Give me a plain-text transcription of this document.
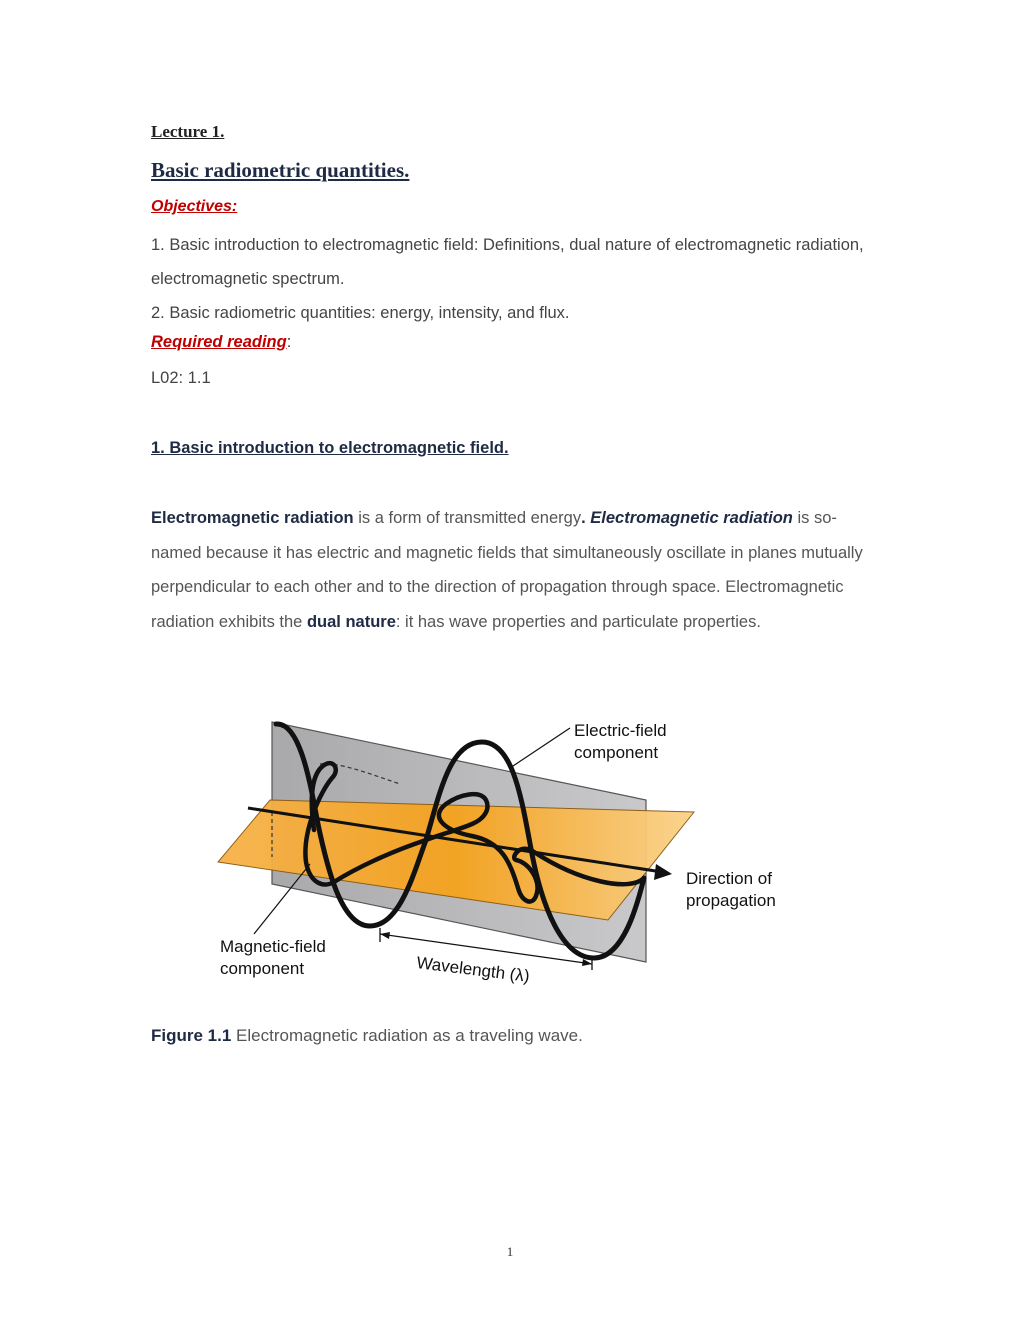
Lecture 1.
Basic radiometric quantities.
Objectives:

1. Basic introduction to electromagnetic field: Definitions, dual nature of electromagnetic radiation, electromagnetic spectrum.

2. Basic radiometric quantities: energy, intensity, and flux.

Required reading:
L02: 1.1
1. Basic introduction to electromagnetic field.

Electromagnetic radiation is a form of transmitted energy. Electromagnetic radiation is so-named because it has electric and magnetic fields that simultaneously oscillate in planes mutually perpendicular to each other and to the direction of propagation through space. Electromagnetic radiation exhibits the dual nature: it has wave properties and particulate properties.

Electric-field component
Direction of propagation
Magnetic-field component	Wavelength (λ)
Figure 1.1 Electromagnetic radiation as a traveling wave.
1
